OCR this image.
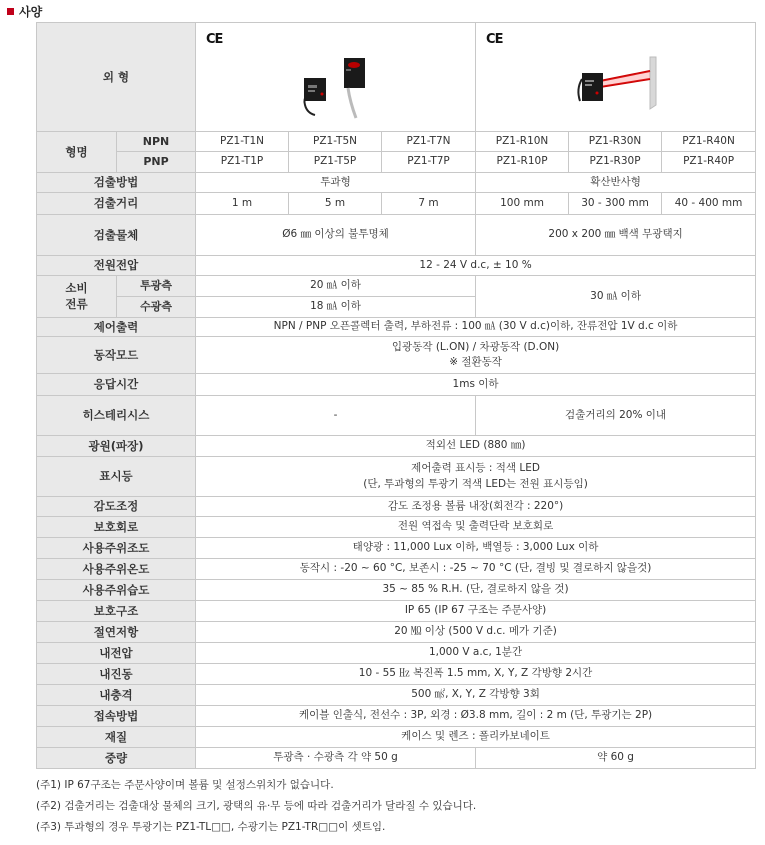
사양
외 형		CE			CE		

형명	NPN	PZ1-T1N	PZ1-T5N	PZ1-T7N	PZ1-R10N	PZ1-R30N	PZ1-R40N
	PNP	PZ1-T1P	PZ1-T5P	PZ1-T7P	PZ1-R10P	PZ1-R30P	PZ1-R40P
검출방법		투과형			확산반사형		
검출거리		1 m	5 m	7 m	100 mm	30 - 300 mm	40 - 400 mm
검출물체		Ø6 ㎜ 이상의 불투명체			200 x 200 ㎜ 백색 무광택지		
전원전압		12 - 24 V d.c, ± 10 %					
소비
전류	투광측	20 ㎃ 이하			30 ㎃ 이하		
	수광측	18 ㎃ 이하					
제어출력		NPN / PNP 오픈콜렉터 출력, 부하전류 : 100 ㎃ (30 V d.c)이하, 잔류전압 1V d.c 이하					
동작모드		입광동작 (L.ON) / 차광동작 (D.ON)
※ 절환동작					

응답시간		1ms 이하					
히스테리시스		-			검출거리의 20% 이내		
광원(파장)		적외선 LED (880 ㎚)					
표시등		제어출력 표시등 : 적색 LED
(단, 투과형의 투광기 적색 LED는 전원 표시등임)					

감도조정		감도 조정용 볼륨 내장(회전각 : 220°)					
보호회로		전원 역접속 및 출력단락 보호회로					
사용주위조도		태양광 : 11,000 Lux 이하, 백열등 : 3,000 Lux 이하					
사용주위온도		동작시 : -20 ~ 60 °C, 보존시 : -25 ~ 70 °C (단, 결빙 및 결로하지 않을것)					
사용주위습도		35 ~ 85 % R.H. (단, 결로하지 않을 것)					
보호구조		IP 65 (IP 67 구조는 주문사양)					
절연저항		20 ㏁ 이상 (500 V d.c. 메가 기준)					
내전압		1,000 V a.c, 1분간					
내진동		10 - 55 ㎐ 복진폭 1.5 mm, X, Y, Z 각방향 2시간					
내충격		500 ㎨, X, Y, Z 각방향 3회					
접속방법		케이블 인출식, 전선수 : 3P, 외경 : Ø3.8 mm, 길이 : 2 m (단, 투광기는 2P)					
재질		케이스 및 렌즈 : 폴리카보네이트					
중량		투광측 · 수광측 각 약 50 g			약 60 g		
(주1) IP 67구조는 주문사양이며 볼륨 및 설정스위치가 없습니다.
(주2) 검출거리는 검출대상 물체의 크기, 광택의 유·무 등에 따라 검출거리가 달라질 수 있습니다.
(주3) 투과형의 경우 투광기는 PZ1-TL□□, 수광기는 PZ1-TR□□이 셋트임.
